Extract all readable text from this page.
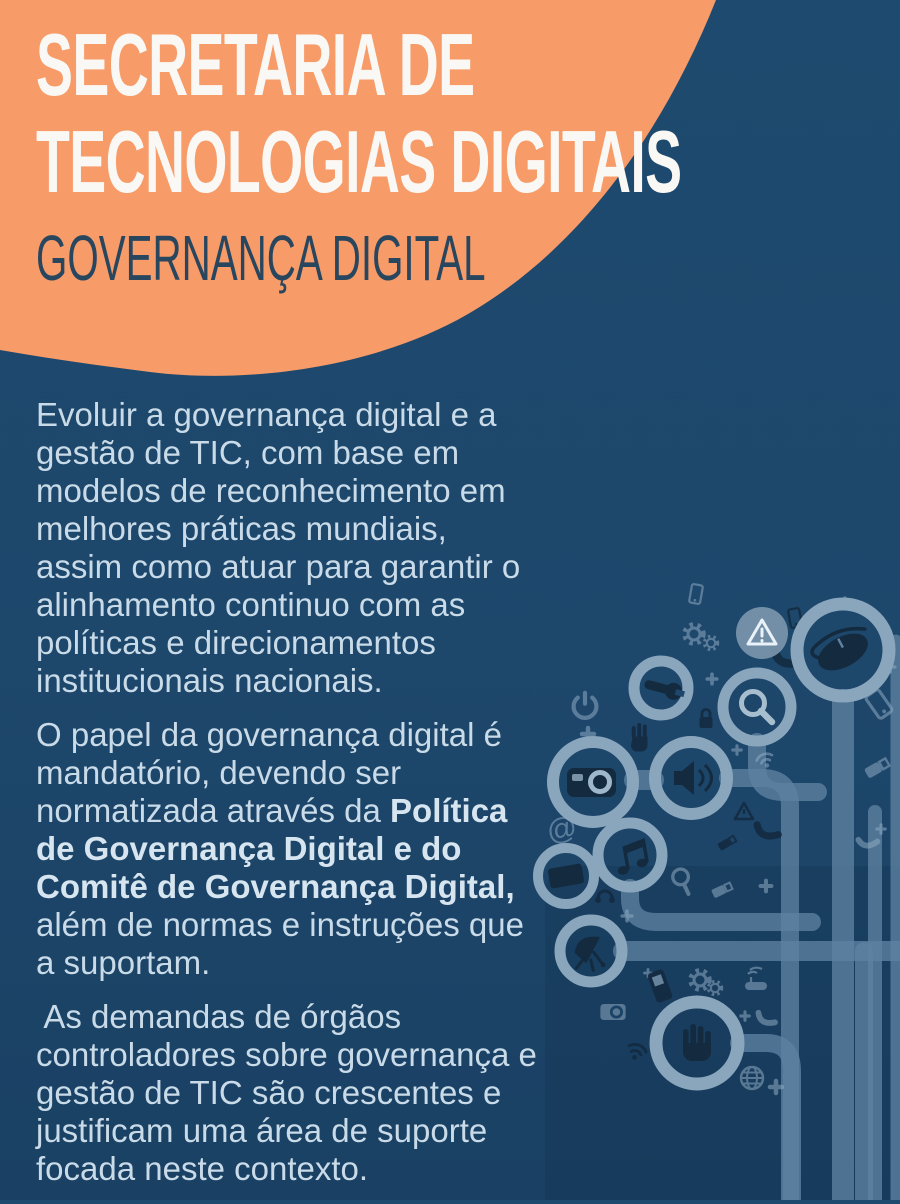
@
SECRETARIA DE
TECNOLOGIAS DIGITAIS
GOVERNANÇA DIGITAL
Evoluir a governança digital e a
gestão de TIC, com base em
modelos de reconhecimento em
melhores práticas mundiais,
assim como atuar para garantir o
alinhamento continuo com as
políticas e direcionamentos
institucionais nacionais.
O papel da governança digital é
mandatório, devendo ser
normatizada através da Política
de Governança Digital e do
Comitê de Governança Digital,
além de normas e instruções que
a suportam.
As demandas de órgãos
controladores sobre governança e
gestão de TIC são crescentes e
justificam uma área de suporte
focada neste contexto.
